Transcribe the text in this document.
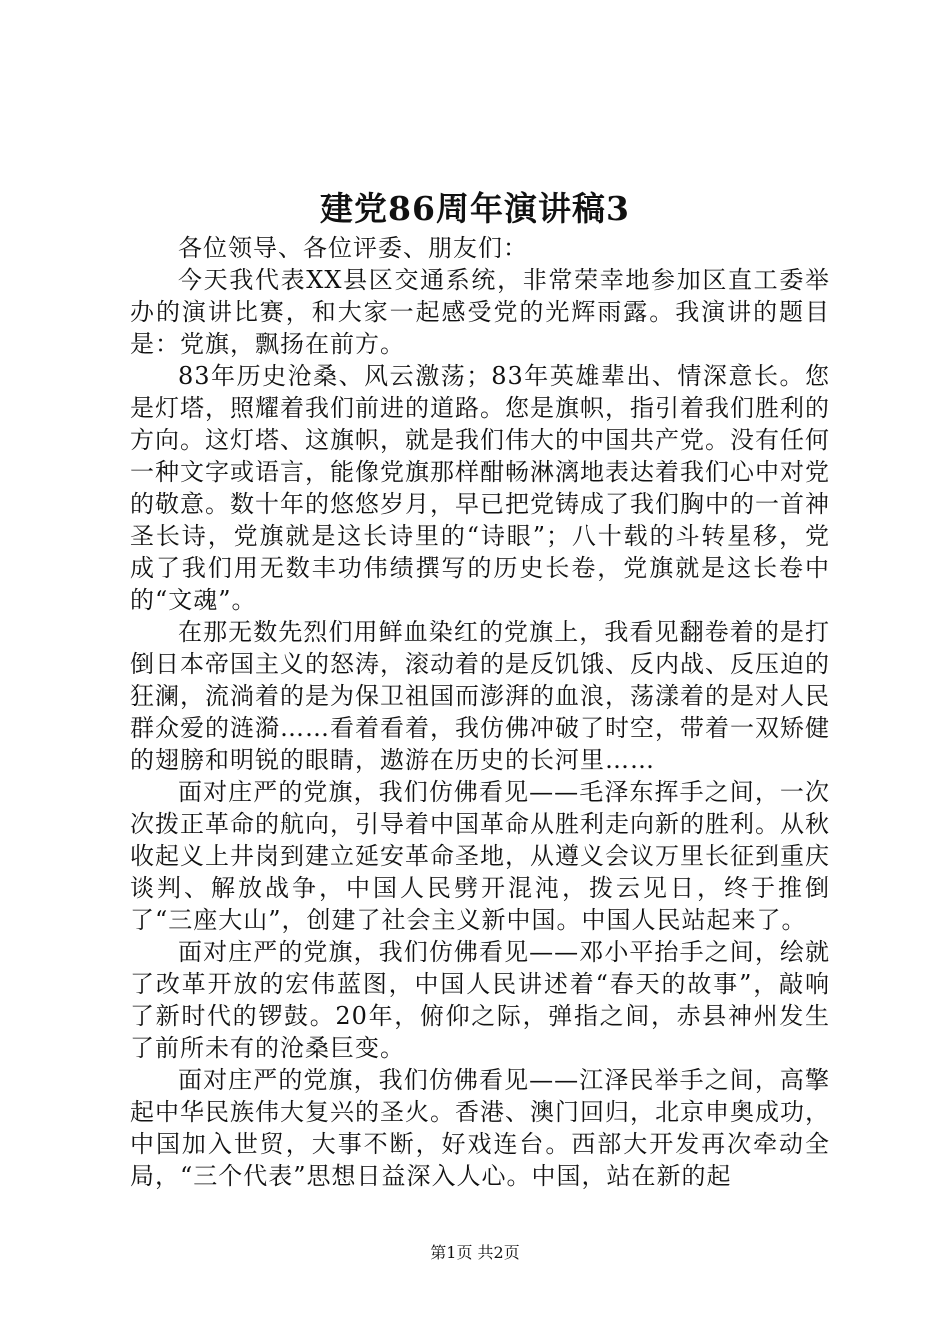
建党86周年演讲稿3

各位领导、各位评委、朋友们：

今天我代表XX县区交通系统，非常荣幸地参加区直工委举办的演讲比赛，和大家一起感受党的光辉雨露。我演讲的题目是：党旗，飘扬在前方。

83年历史沧桑、风云激荡；83年英雄辈出、情深意长。您是灯塔，照耀着我们前进的道路。您是旗帜，指引着我们胜利的方向。这灯塔、这旗帜，就是我们伟大的中国共产党。没有任何一种文字或语言，能像党旗那样酣畅淋漓地表达着我们心中对党的敬意。数十年的悠悠岁月，早已把党铸成了我们胸中的一首神圣长诗，党旗就是这长诗里的“诗眼”；八十载的斗转星移，党成了我们用无数丰功伟绩撰写的历史长卷，党旗就是这长卷中的“文魂”。

在那无数先烈们用鲜血染红的党旗上，我看见翻卷着的是打倒日本帝国主义的怒涛，滚动着的是反饥饿、反内战、反压迫的狂澜，流淌着的是为保卫祖国而澎湃的血浪，荡漾着的是对人民群众爱的涟漪……看着看着，我仿佛冲破了时空，带着一双矫健的翅膀和明锐的眼睛，遨游在历史的长河里……

面对庄严的党旗，我们仿佛看见——毛泽东挥手之间，一次次拨正革命的航向，引导着中国革命从胜利走向新的胜利。从秋收起义上井岗到建立延安革命圣地，从遵义会议万里长征到重庆谈判、解放战争，中国人民劈开混沌，拨云见日，终于推倒了“三座大山”，创建了社会主义新中国。中国人民站起来了。

面对庄严的党旗，我们仿佛看见——邓小平抬手之间，绘就了改革开放的宏伟蓝图，中国人民讲述着“春天的故事”，敲响了新时代的锣鼓。20年，俯仰之际，弹指之间，赤县神州发生了前所未有的沧桑巨变。

面对庄严的党旗，我们仿佛看见——江泽民举手之间，高擎起中华民族伟大复兴的圣火。香港、澳门回归，北京申奥成功，中国加入世贸，大事不断，好戏连台。西部大开发再次牵动全局，“三个代表”思想日益深入人心。中国，站在新的起

第1页 共2页
